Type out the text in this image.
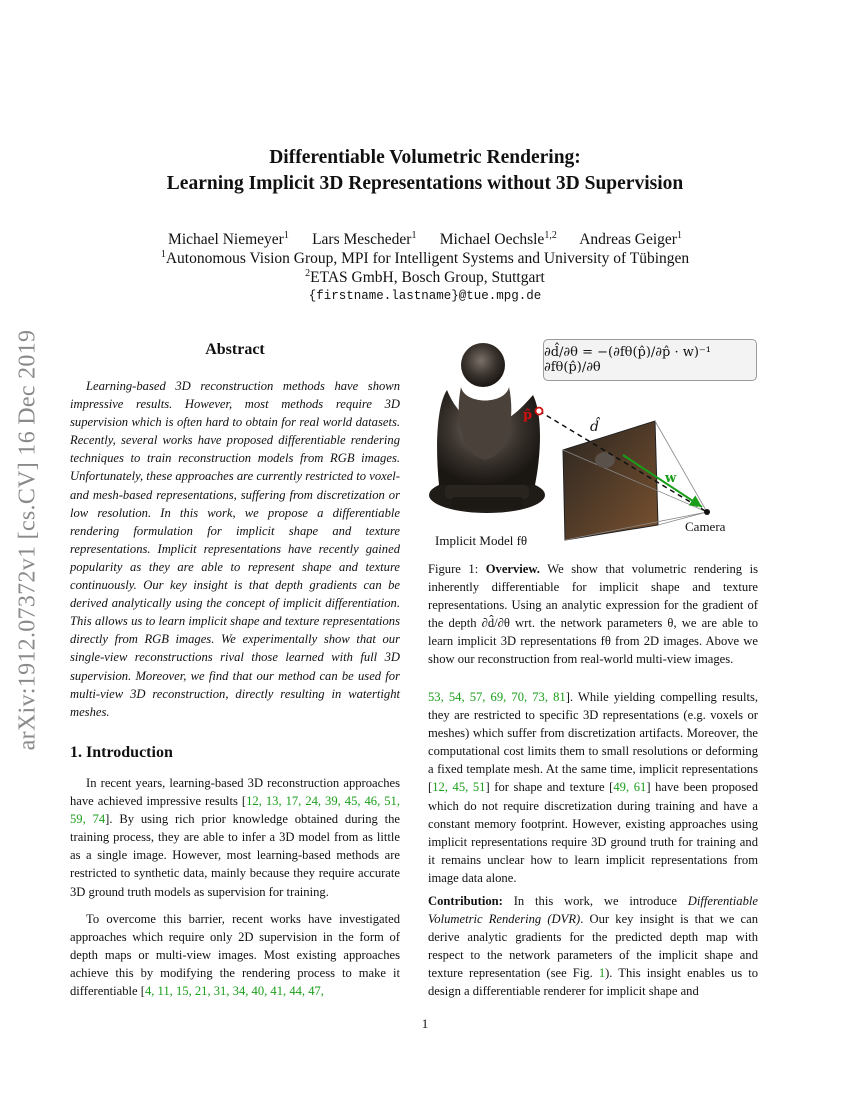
arXiv:1912.07372v1 [cs.CV] 16 Dec 2019
Differentiable Volumetric Rendering:
Learning Implicit 3D Representations without 3D Supervision
Michael Niemeyer$^1$ Lars Mescheder$^1$ Michael Oechsle$^{1,2}$ Andreas Geiger$^1$
$^1$Autonomous Vision Group, MPI for Intelligent Systems and University of Tübingen
$^2$ETAS GmbH, Bosch Group, Stuttgart
{firstname.lastname}@tue.mpg.de
Abstract
Learning-based 3D reconstruction methods have shown impressive results. However, most methods require 3D supervision which is often hard to obtain for real world datasets. Recently, several works have proposed differentiable rendering techniques to train reconstruction models from RGB images. Unfortunately, these approaches are currently restricted to voxel- and mesh-based representations, suffering from discretization or low resolution. In this work, we propose a differentiable rendering formulation for implicit shape and texture representations. Implicit representations have recently gained popularity as they are able to represent shape and texture continuously. Our key insight is that depth gradients can be derived analytically using the concept of implicit differentiation. This allows us to learn implicit shape and texture representations directly from RGB images. We experimentally show that our single-view reconstructions rival those learned with full 3D supervision. Moreover, we find that our method can be used for multi-view 3D reconstruction, directly resulting in watertight meshes.
1. Introduction
In recent years, learning-based 3D reconstruction approaches have achieved impressive results [12, 13, 17, 24, 39, 45, 46, 51, 59, 74]. By using rich prior knowledge obtained during the training process, they are able to infer a 3D model from as little as a single image. However, most learning-based methods are restricted to synthetic data, mainly because they require accurate 3D ground truth models as supervision for training.
To overcome this barrier, recent works have investigated approaches which require only 2D supervision in the form of depth maps or multi-view images. Most existing approaches achieve this by modifying the rendering process to make it differentiable [4, 11, 15, 21, 31, 34, 40, 41, 44, 47,
p̂
d̂
w
Camera
Implicit Model fθ
∂d̂/∂θ = −(∂fθ(p̂)/∂p̂ · w)⁻¹ ∂fθ(p̂)/∂θ
Figure 1: Overview. We show that volumetric rendering is inherently differentiable for implicit shape and texture representations. Using an analytic expression for the gradient of the depth ∂d̂/∂θ wrt. the network parameters θ, we are able to learn implicit 3D representations fθ from 2D images. Above we show our reconstruction from real-world multi-view images.
53, 54, 57, 69, 70, 73, 81]. While yielding compelling results, they are restricted to specific 3D representations (e.g. voxels or meshes) which suffer from discretization artifacts. Moreover, the computational cost limits them to small resolutions or deforming a fixed template mesh. At the same time, implicit representations [12, 45, 51] for shape and texture [49, 61] have been proposed which do not require discretization during training and have a constant memory footprint. However, existing approaches using implicit representations require 3D ground truth for training and it remains unclear how to learn implicit representations from image data alone.
Contribution: In this work, we introduce Differentiable Volumetric Rendering (DVR). Our key insight is that we can derive analytic gradients for the predicted depth map with respect to the network parameters of the implicit shape and texture representation (see Fig. 1). This insight enables us to design a differentiable renderer for implicit shape and
1
